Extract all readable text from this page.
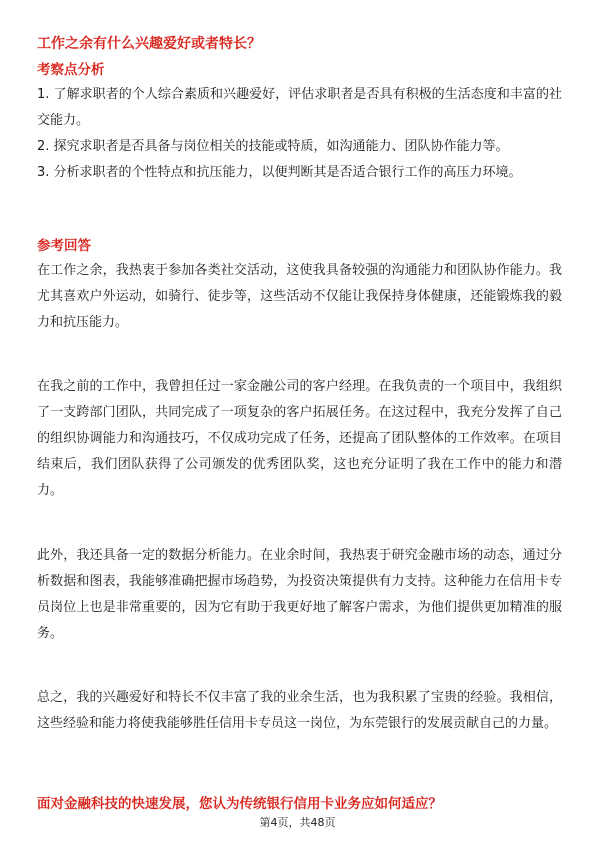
工作之余有什么兴趣爱好或者特长？
考察点分析

1. 了解求职者的个人综合素质和兴趣爱好，评估求职者是否具有积极的生活态度和丰富的社交能力。

2. 探究求职者是否具备与岗位相关的技能或特质，如沟通能力、团队协作能力等。

3. 分析求职者的个性特点和抗压能力，以便判断其是否适合银行工作的高压力环境。

参考回答
在工作之余，我热衷于参加各类社交活动，这使我具备较强的沟通能力和团队协作能力。我尤其喜欢户外运动，如骑行、徒步等，这些活动不仅能让我保持身体健康，还能锻炼我的毅力和抗压能力。
在我之前的工作中，我曾担任过一家金融公司的客户经理。在我负责的一个项目中，我组织了一支跨部门团队，共同完成了一项复杂的客户拓展任务。在这过程中，我充分发挥了自己的组织协调能力和沟通技巧，不仅成功完成了任务，还提高了团队整体的工作效率。在项目结束后，我们团队获得了公司颁发的优秀团队奖，这也充分证明了我在工作中的能力和潜力。
此外，我还具备一定的数据分析能力。在业余时间，我热衷于研究金融市场的动态，通过分析数据和图表，我能够准确把握市场趋势，为投资决策提供有力支持。这种能力在信用卡专员岗位上也是非常重要的，因为它有助于我更好地了解客户需求，为他们提供更加精准的服务。
总之，我的兴趣爱好和特长不仅丰富了我的业余生活，也为我积累了宝贵的经验。我相信，这些经验和能力将使我能够胜任信用卡专员这一岗位，为东莞银行的发展贡献自己的力量。
面对金融科技的快速发展，您认为传统银行信用卡业务应如何适应？
第4页，共48页
